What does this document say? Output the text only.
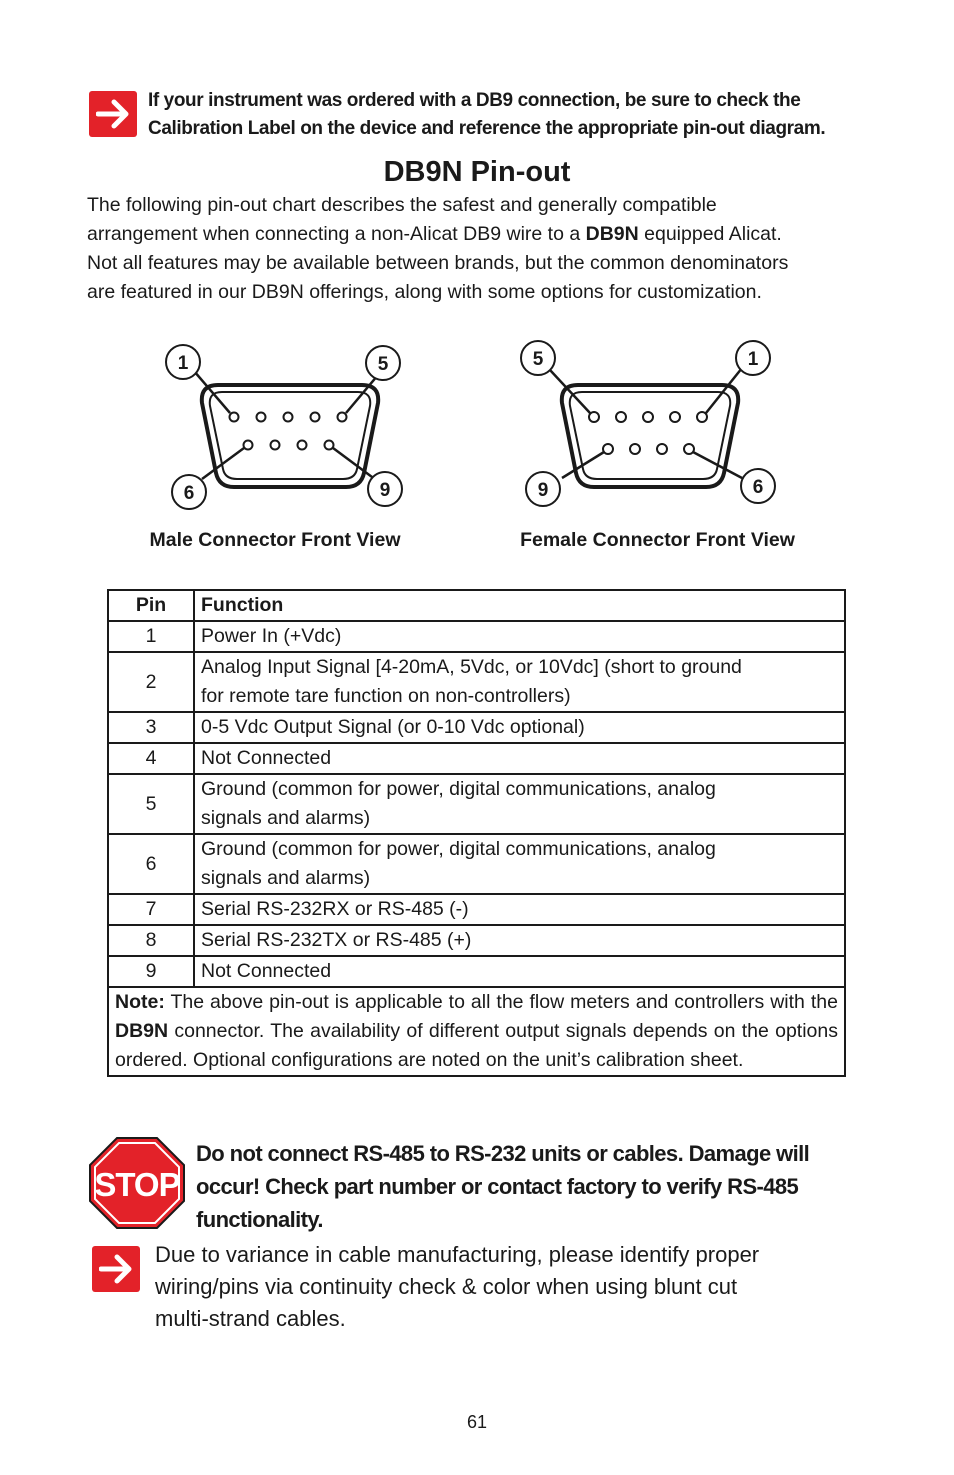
If your instrument was ordered with a DB9 connection, be sure to check the
Calibration Label on the device and reference the appropriate pin-out diagram.
DB9N Pin-out
The following pin-out chart describes the safest and generally compatible
arrangement when connecting a non-Alicat DB9 wire to a DB9N equipped Alicat.
Not all features may be available between brands, but the common denominators
are featured in our DB9N offerings, along with some options for customization.
1	5
6	9
Male Connector Front View
5	1
9	6
Female Connector Front View
Pin	Function
1	Power In (+Vdc)

2	Analog Input Signal [4-20mA, 5Vdc, or 10Vdc] (short to ground
for remote tare function on non-controllers)

3	0-5 Vdc Output Signal (or 0-10 Vdc optional)

4	Not Connected

5	Ground (common for power, digital communications, analog
signals and alarms)

6	Ground (common for power, digital communications, analog
signals and alarms)

7	Serial RS-232RX or RS-485 (-)

8	Serial RS-232TX or RS-485 (+)

9	Not Connected

Note: The above pin-out is applicable to all the flow meters and controllers with the DB9N connector. The availability of different output signals depends on the options ordered. Optional configurations are noted on the unit’s calibration sheet.	
STOP
Do not connect RS-485 to RS-232 units or cables. Damage will
occur! Check part number or contact factory to verify RS-485
functionality.
Due to variance in cable manufacturing, please identify proper
wiring/pins via continuity check & color when using blunt cut
multi-strand cables.
61
